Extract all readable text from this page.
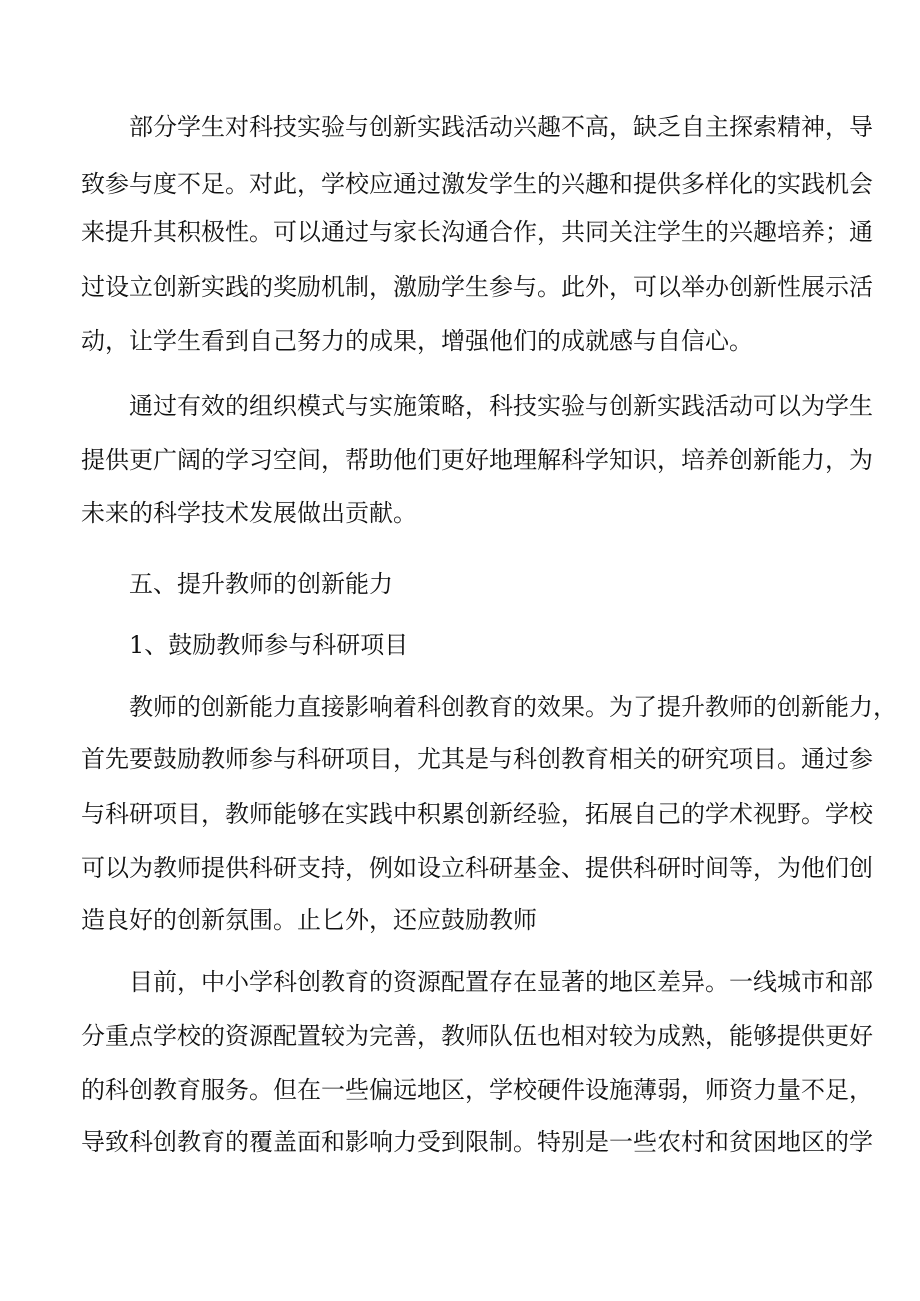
部分学生对科技实验与创新实践活动兴趣不高，缺乏自主探索精神，导
致参与度不足。对此，学校应通过激发学生的兴趣和提供多样化的实践机会
来提升其积极性。可以通过与家长沟通合作，共同关注学生的兴趣培养；通
过设立创新实践的奖励机制，激励学生参与。此外，可以举办创新性展示活
动，让学生看到自己努力的成果，增强他们的成就感与自信心。
通过有效的组织模式与实施策略，科技实验与创新实践活动可以为学生
提供更广阔的学习空间，帮助他们更好地理解科学知识，培养创新能力，为
未来的科学技术发展做出贡献。
五、提升教师的创新能力
1、鼓励教师参与科研项目
教师的创新能力直接影响着科创教育的效果。为了提升教师的创新能力，
首先要鼓励教师参与科研项目，尤其是与科创教育相关的研究项目。通过参
与科研项目，教师能够在实践中积累创新经验，拓展自己的学术视野。学校
可以为教师提供科研支持，例如设立科研基金、提供科研时间等，为他们创
造良好的创新氛围。止匕外，还应鼓励教师
目前，中小学科创教育的资源配置存在显著的地区差异。一线城市和部
分重点学校的资源配置较为完善，教师队伍也相对较为成熟，能够提供更好
的科创教育服务。但在一些偏远地区，学校硬件设施薄弱，师资力量不足，
导致科创教育的覆盖面和影响力受到限制。特别是一些农村和贫困地区的学
